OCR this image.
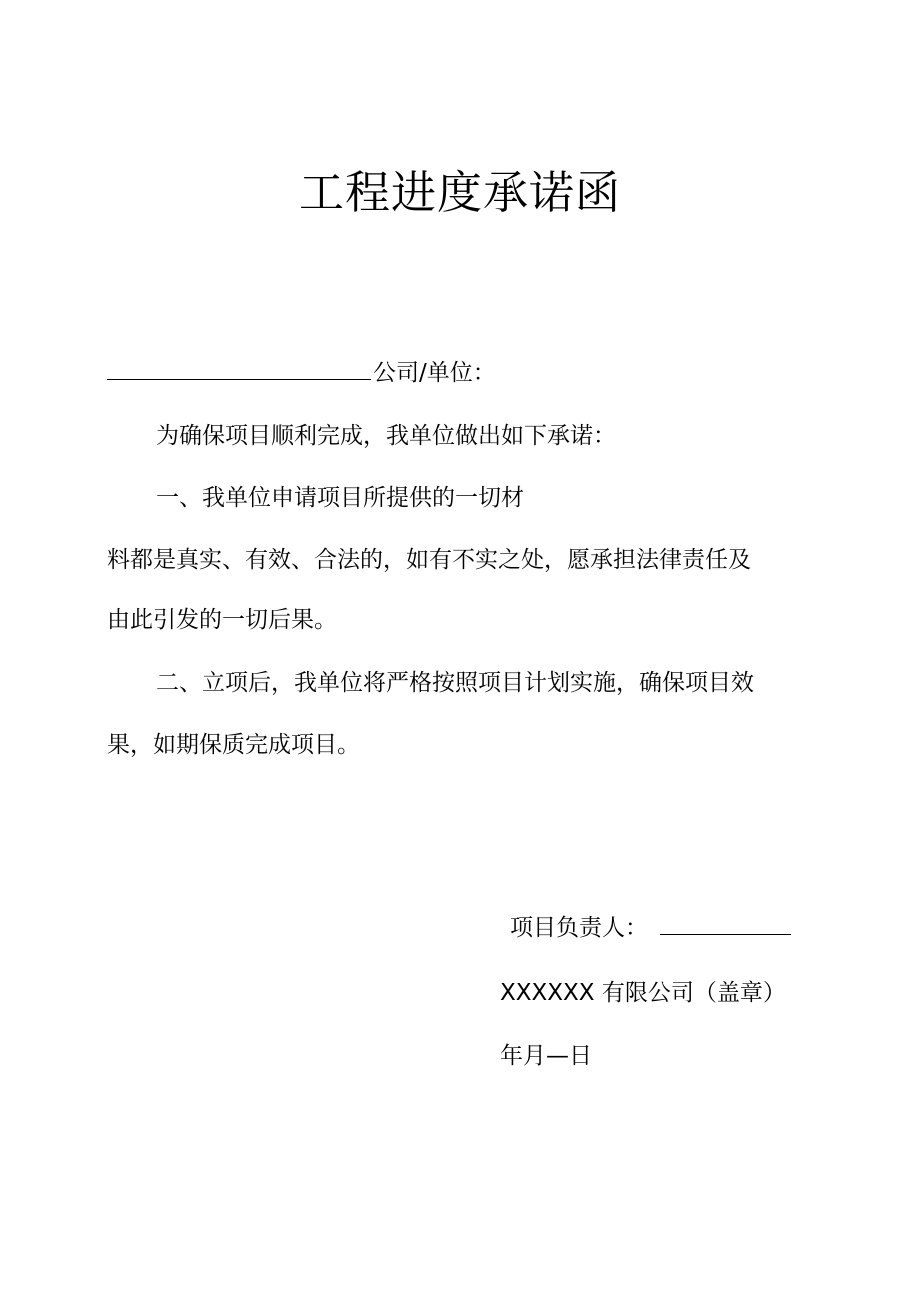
工程进度承诺函
公司/单位：
为确保项目顺利完成，我单位做出如下承诺：
一、我单位申请项目所提供的一切材
料都是真实、有效、合法的，如有不实之处，愿承担法律责任及
由此引发的一切后果。
二、立项后，我单位将严格按照项目计划实施，确保项目效
果，如期保质完成项目。
项目负责人：
XXXXXX 有限公司（盖章）
年月—日
